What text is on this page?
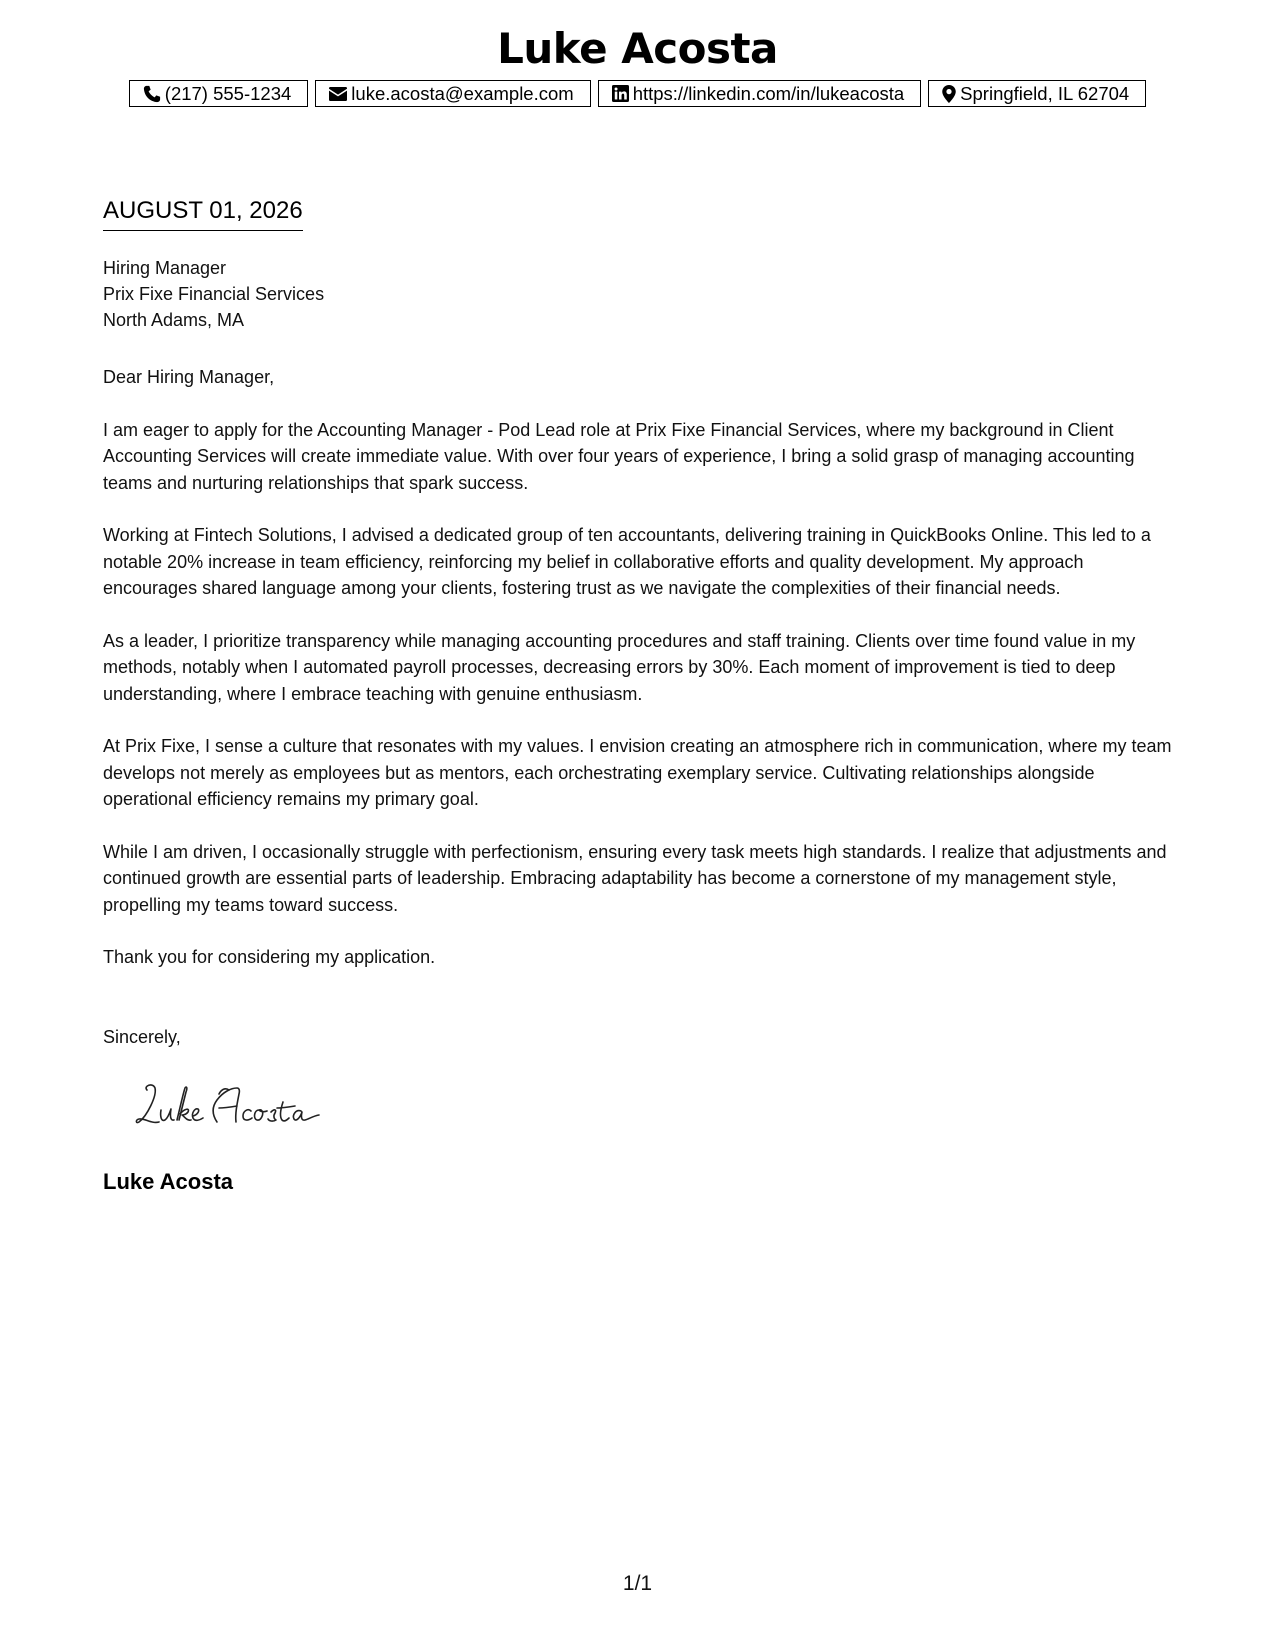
Luke Acosta
(217) 555-1234	luke.acosta@example.com	https://linkedin.com/in/lukeacosta	Springfield, IL 62704
AUGUST 01, 2026
Hiring Manager
Prix Fixe Financial Services
North Adams, MA

Dear Hiring Manager,

I am eager to apply for the Accounting Manager - Pod Lead role at Prix Fixe Financial Services, where my background in Client Accounting Services will create immediate value. With over four years of experience, I bring a solid grasp of managing accounting teams and nurturing relationships that spark success.

Working at Fintech Solutions, I advised a dedicated group of ten accountants, delivering training in QuickBooks Online. This led to a notable 20% increase in team efficiency, reinforcing my belief in collaborative efforts and quality development. My approach encourages shared language among your clients, fostering trust as we navigate the complexities of their financial needs.

As a leader, I prioritize transparency while managing accounting procedures and staff training. Clients over time found value in my methods, notably when I automated payroll processes, decreasing errors by 30%. Each moment of improvement is tied to deep understanding, where I embrace teaching with genuine enthusiasm.

At Prix Fixe, I sense a culture that resonates with my values. I envision creating an atmosphere rich in communication, where my team develops not merely as employees but as mentors, each orchestrating exemplary service. Cultivating relationships alongside operational efficiency remains my primary goal.

While I am driven, I occasionally struggle with perfectionism, ensuring every task meets high standards. I realize that adjustments and continued growth are essential parts of leadership. Embracing adaptability has become a cornerstone of my management style, propelling my teams toward success.

Thank you for considering my application.

Sincerely,
Luke Acosta
1/1
